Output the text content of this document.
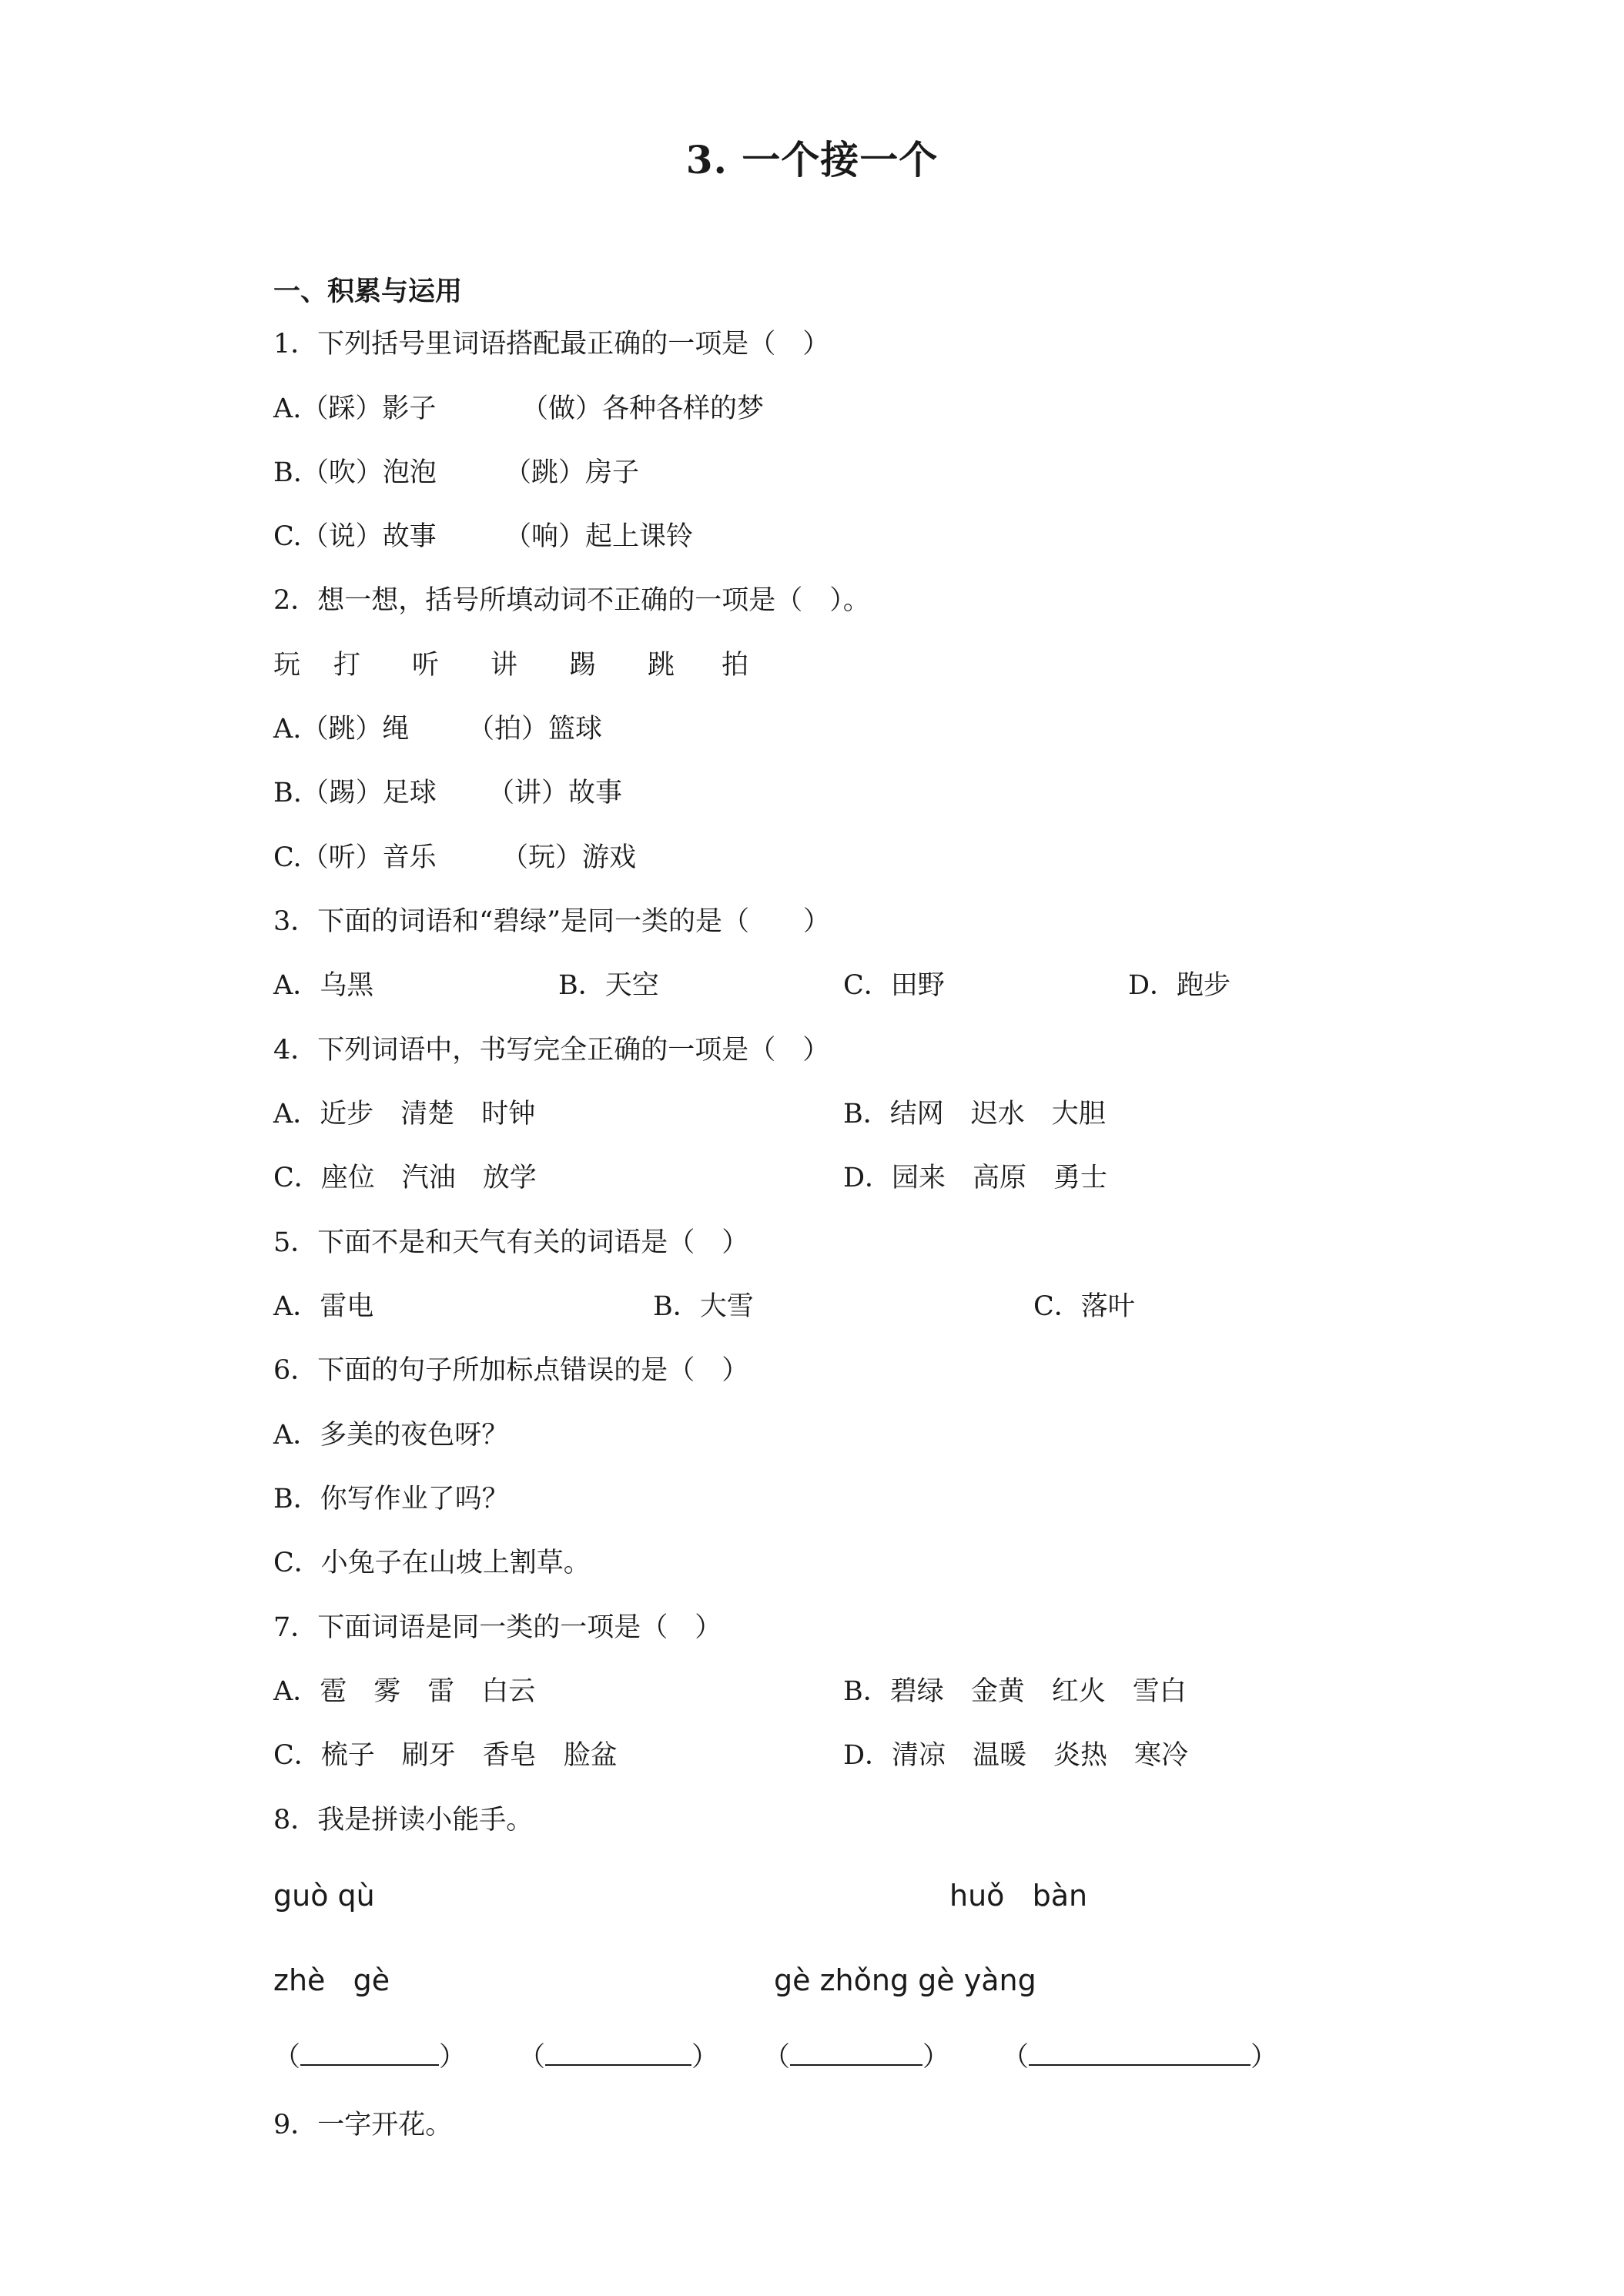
3. 一个接一个
一、积累与运用
1．下列括号里词语搭配最正确的一项是（　）
A.（踩）影子	（做）各种各样的梦
B.（吹）泡泡	（跳）房子
C.（说）故事	（响）起上课铃
2．想一想，括号所填动词不正确的一项是（　）。
玩 打 听 讲 踢 跳 拍
A.（跳）绳 （拍）篮球
B.（踢）足球 （讲）故事
C.（听）音乐 （玩）游戏
3．下面的词语和“碧绿”是同一类的是（　　）
A．乌黑	B．天空	C．田野	D．跑步
4．下列词语中，书写完全正确的一项是（　）
A．近步　清楚　时钟	B．结网　迟水　大胆
C．座位　汽油　放学	D．园来　高原　勇士
5．下面不是和天气有关的词语是（　）
A．雷电	B．大雪	C．落叶
6．下面的句子所加标点错误的是（　）
A．多美的夜色呀？
B．你写作业了吗？
C．小兔子在山坡上割草。
7．下面词语是同一类的一项是（　）
A．雹　雾　雷　白云	B．碧绿　金黄　红火　雪白
C．梳子　刷牙　香皂　脸盆	D．清凉　温暖　炎热　寒冷
8．我是拼读小能手。
guò qù	huǒ   bàn
zhè   gè	gè zhǒng gè yàng
（	） （	） （	） （	）
9．一字开花。
